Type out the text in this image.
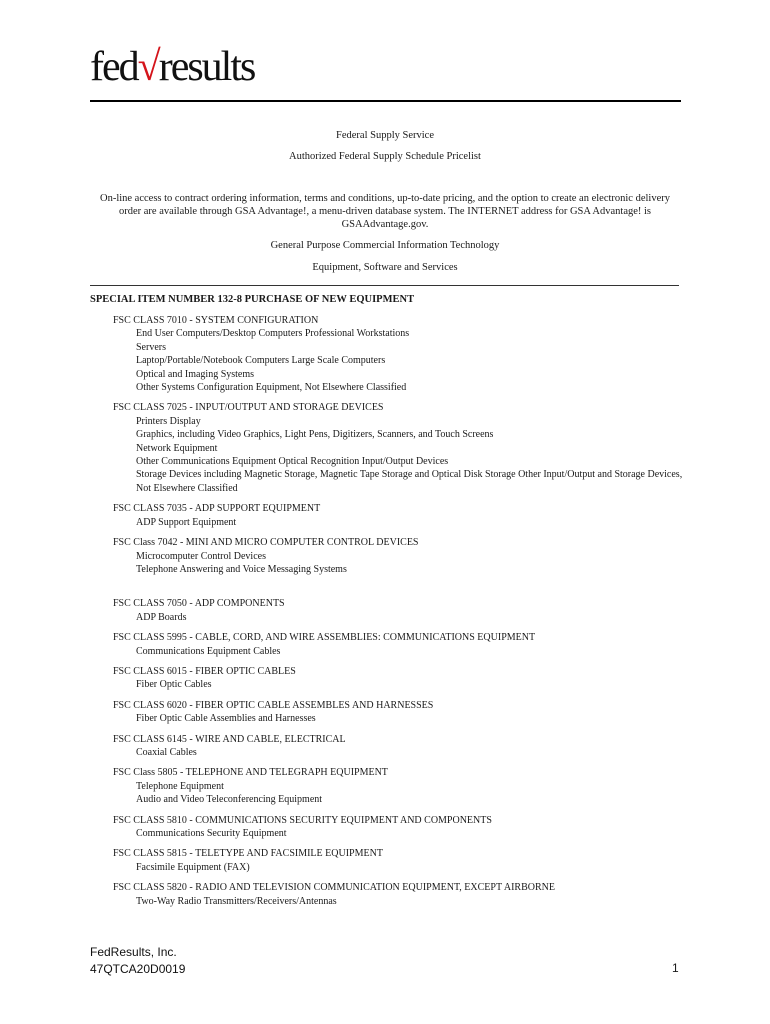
fed√results
Federal Supply Service
Authorized Federal Supply Schedule Pricelist
On-line access to contract ordering information, terms and conditions, up-to-date pricing, and the option to create an electronic delivery order are available through GSA Advantage!, a menu-driven database system. The INTERNET address for GSA Advantage! is GSAAdvantage.gov.
General Purpose Commercial Information Technology
Equipment, Software and Services
SPECIAL ITEM NUMBER 132-8 PURCHASE OF NEW EQUIPMENT
FSC CLASS 7010 - SYSTEM CONFIGURATION
End User Computers/Desktop Computers Professional Workstations
Servers
Laptop/Portable/Notebook Computers Large Scale Computers
Optical and Imaging Systems
Other Systems Configuration Equipment, Not Elsewhere Classified
FSC CLASS 7025 - INPUT/OUTPUT AND STORAGE DEVICES
Printers Display
Graphics, including Video Graphics, Light Pens, Digitizers, Scanners, and Touch Screens
Network Equipment
Other Communications Equipment Optical Recognition Input/Output Devices
Storage Devices including Magnetic Storage, Magnetic Tape Storage and Optical Disk Storage Other Input/Output and Storage Devices, Not Elsewhere Classified
FSC CLASS 7035 - ADP SUPPORT EQUIPMENT
ADP Support Equipment
FSC Class 7042 - MINI AND MICRO COMPUTER CONTROL DEVICES
Microcomputer Control Devices
Telephone Answering and Voice Messaging Systems
FSC CLASS 7050 - ADP COMPONENTS
ADP Boards
FSC CLASS 5995 - CABLE, CORD, AND WIRE ASSEMBLIES: COMMUNICATIONS EQUIPMENT
Communications Equipment Cables
FSC CLASS 6015 - FIBER OPTIC CABLES
Fiber Optic Cables
FSC CLASS 6020 - FIBER OPTIC CABLE ASSEMBLES AND HARNESSES
Fiber Optic Cable Assemblies and Harnesses
FSC CLASS 6145 - WIRE AND CABLE, ELECTRICAL
Coaxial Cables
FSC Class 5805 - TELEPHONE AND TELEGRAPH EQUIPMENT
Telephone Equipment
Audio and Video Teleconferencing Equipment
FSC CLASS 5810 - COMMUNICATIONS SECURITY EQUIPMENT AND COMPONENTS
Communications Security Equipment
FSC CLASS 5815 - TELETYPE AND FACSIMILE EQUIPMENT
Facsimile Equipment (FAX)
FSC CLASS 5820 - RADIO AND TELEVISION COMMUNICATION EQUIPMENT, EXCEPT AIRBORNE
Two-Way Radio Transmitters/Receivers/Antennas
FedResults, Inc.
47QTCA20D0019	1
